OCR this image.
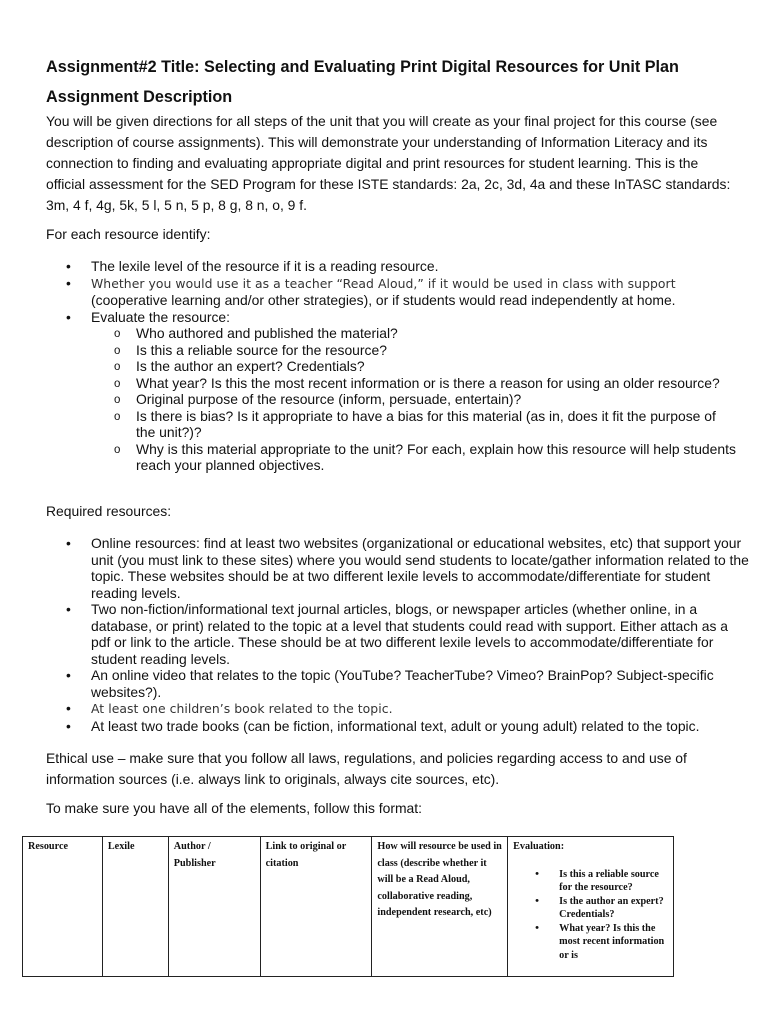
Assignment#2 Title: Selecting and Evaluating Print Digital Resources for Unit Plan
Assignment Description
You will be given directions for all steps of the unit that you will create as your final project for this course (see description of course assignments). This will demonstrate your understanding of Information Literacy and its connection to finding and evaluating appropriate digital and print resources for student learning. This is the official assessment for the SED Program for these ISTE standards: 2a, 2c, 3d, 4a and these InTASC standards: 3m, 4 f, 4g, 5k, 5 l, 5 n, 5 p, 8 g, 8 n, o, 9 f.
For each resource identify:
• The lexile level of the resource if it is a reading resource.
• Whether you would use it as a teacher “Read Aloud,” if it would be used in class with support
(cooperative learning and/or other strategies), or if students would read independently at home.
• Evaluate the resource:
o Who authored and published the material?
o Is this a reliable source for the resource?
o Is the author an expert? Credentials?
o What year? Is this the most recent information or is there a reason for using an older resource?
o Original purpose of the resource (inform, persuade, entertain)?
o Is there is bias? Is it appropriate to have a bias for this material (as in, does it fit the purpose of the unit?)?
o Why is this material appropriate to the unit? For each, explain how this resource will help students reach your planned objectives.
Required resources:
• Online resources: find at least two websites (organizational or educational websites, etc) that support your unit (you must link to these sites) where you would send students to locate/gather information related to the topic. These websites should be at two different lexile levels to accommodate/differentiate for student reading levels.
• Two non-fiction/informational text journal articles, blogs, or newspaper articles (whether online, in a database, or print) related to the topic at a level that students could read with support. Either attach as a pdf or link to the article. These should be at two different lexile levels to accommodate/differentiate for student reading levels.
• An online video that relates to the topic (YouTube? TeacherTube? Vimeo? BrainPop? Subject-specific websites?).
• At least one children’s book related to the topic.
• At least two trade books (can be fiction, informational text, adult or young adult) related to the topic.
Ethical use – make sure that you follow all laws, regulations, and policies regarding access to and use of information sources (i.e. always link to originals, always cite sources, etc).
To make sure you have all of the elements, follow this format:
Resource	Lexile	Author / Publisher	Link to original or citation	How will resource be used in class (describe whether it will be a Read Aloud, collaborative reading, independent research, etc)	Evaluation:
• Is this a reliable source for the resource?
• Is the author an expert? Credentials?
• What year? Is this the most recent information or is
